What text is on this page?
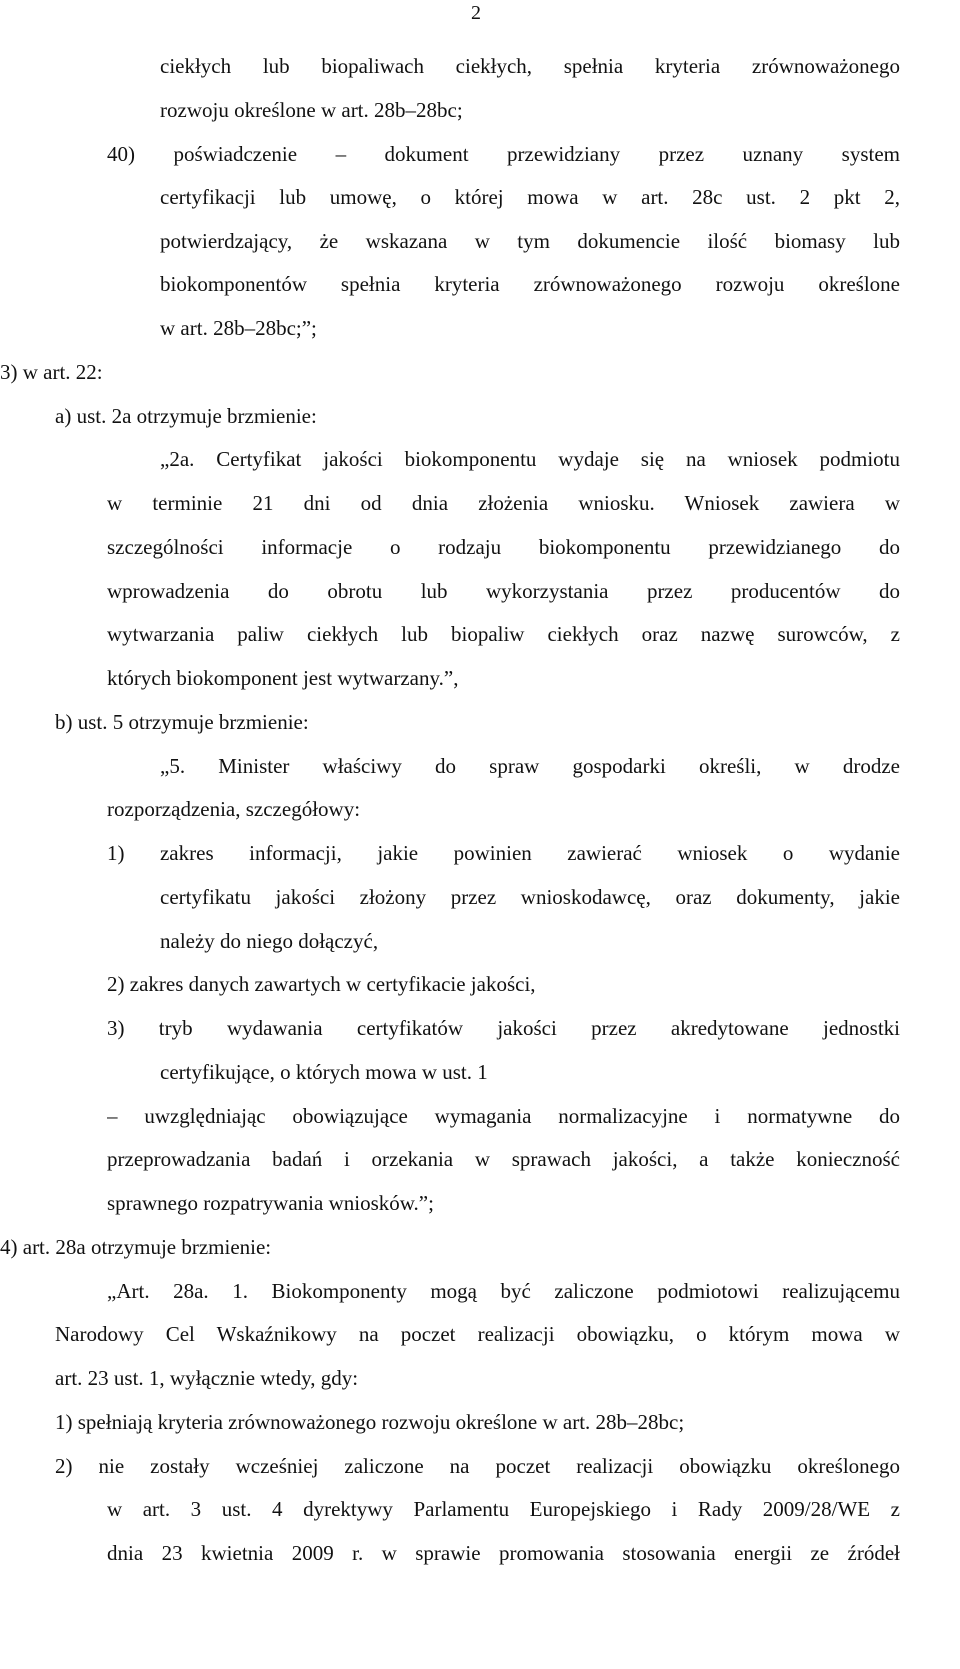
2
ciekłych lub biopaliwach ciekłych, spełnia kryteria zrównoważonego
rozwoju określone w art. 28b–28bc;
40) poświadczenie – dokument przewidziany przez uznany system
certyfikacji lub umowę, o której mowa w art. 28c ust. 2 pkt 2,
potwierdzający, że wskazana w tym dokumencie ilość biomasy lub
biokomponentów spełnia kryteria zrównoważonego rozwoju określone
w art. 28b–28bc;”;
3) w art. 22:
a) ust. 2a otrzymuje brzmienie:
„2a. Certyfikat jakości biokomponentu wydaje się na wniosek podmiotu
w terminie 21 dni od dnia złożenia wniosku. Wniosek zawiera w
szczególności informacje o rodzaju biokomponentu przewidzianego do
wprowadzenia do obrotu lub wykorzystania przez producentów do
wytwarzania paliw ciekłych lub biopaliw ciekłych oraz nazwę surowców, z
których biokomponent jest wytwarzany.”,
b) ust. 5 otrzymuje brzmienie:
„5. Minister właściwy do spraw gospodarki określi, w drodze
rozporządzenia, szczegółowy:
1) zakres informacji, jakie powinien zawierać wniosek o wydanie
certyfikatu jakości złożony przez wnioskodawcę, oraz dokumenty, jakie
należy do niego dołączyć,
2) zakres danych zawartych w certyfikacie jakości,
3) tryb wydawania certyfikatów jakości przez akredytowane jednostki
certyfikujące, o których mowa w ust. 1
– uwzględniając obowiązujące wymagania normalizacyjne i normatywne do
przeprowadzania badań i orzekania w sprawach jakości, a także konieczność
sprawnego rozpatrywania wniosków.”;
4) art. 28a otrzymuje brzmienie:
„Art. 28a. 1. Biokomponenty mogą być zaliczone podmiotowi realizującemu
Narodowy Cel Wskaźnikowy na poczet realizacji obowiązku, o którym mowa w
art. 23 ust. 1, wyłącznie wtedy, gdy:
1) spełniają kryteria zrównoważonego rozwoju określone w art. 28b–28bc;
2) nie zostały wcześniej zaliczone na poczet realizacji obowiązku określonego
w art. 3 ust. 4 dyrektywy Parlamentu Europejskiego i Rady 2009/28/WE z
dnia 23 kwietnia 2009 r. w sprawie promowania stosowania energii ze źródeł
